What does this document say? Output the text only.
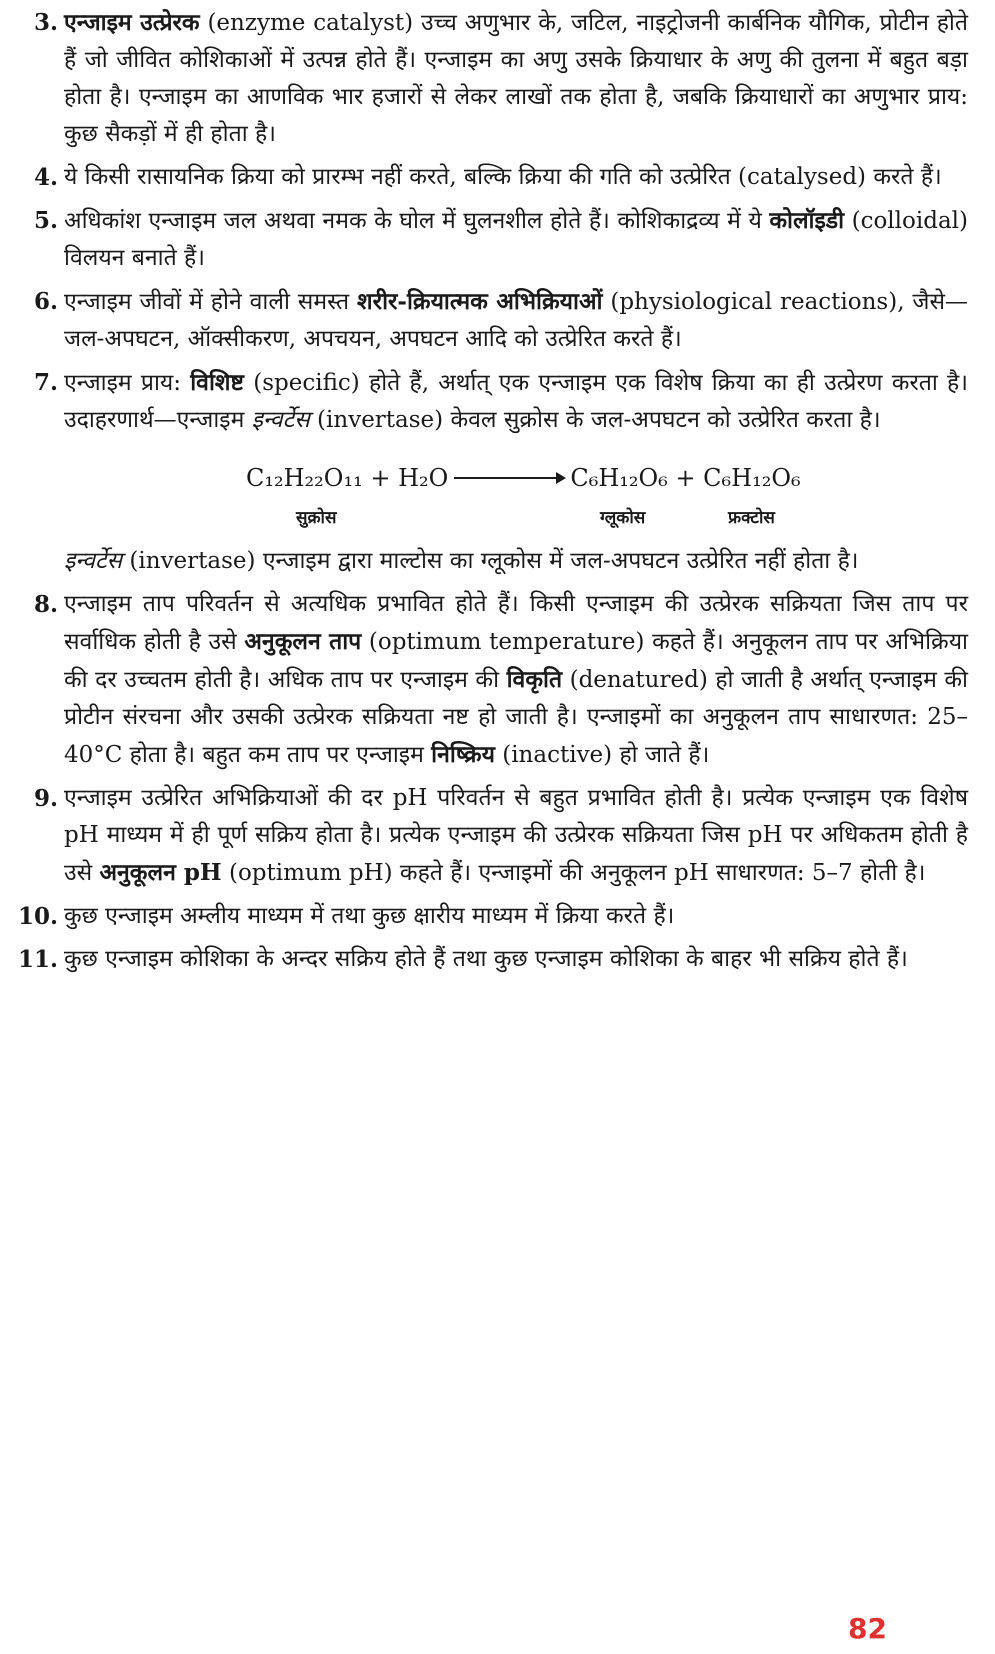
3. एन्जाइम उत्प्रेरक (enzyme catalyst) उच्च अणुभार के, जटिल, नाइट्रोजनी कार्बनिक यौगिक, प्रोटीन होते हैं जो जीवित कोशिकाओं में उत्पन्न होते हैं। एन्जाइम का अणु उसके क्रियाधार के अणु की तुलना में बहुत बड़ा होता है। एन्जाइम का आणविक भार हजारों से लेकर लाखों तक होता है, जबकि क्रियाधारों का अणुभार प्राय: कुछ सैकड़ों में ही होता है।
4. ये किसी रासायनिक क्रिया को प्रारम्भ नहीं करते, बल्कि क्रिया की गति को उत्प्रेरित (catalysed) करते हैं।
5. अधिकांश एन्जाइम जल अथवा नमक के घोल में घुलनशील होते हैं। कोशिकाद्रव्य में ये कोलॉइडी (colloidal) विलयन बनाते हैं।
6. एन्जाइम जीवों में होने वाली समस्त शरीर-क्रियात्मक अभिक्रियाओं (physiological reactions), जैसे—जल-अपघटन, ऑक्सीकरण, अपचयन, अपघटन आदि को उत्प्रेरित करते हैं।
7. एन्जाइम प्राय: विशिष्ट (specific) होते हैं, अर्थात् एक एन्जाइम एक विशेष क्रिया का ही उत्प्रेरण करता है। उदाहरणार्थ—एन्जाइम इन्वर्टेस (invertase) केवल सुक्रोस के जल-अपघटन को उत्प्रेरित करता है।
C₁₂H₂₂O₁₁
+
H₂O	C₆H₁₂O₆
+
C₆H₁₂O₆
सुक्रोस	ग्लूकोस	फ्रक्टोस
इन्वर्टेस (invertase) एन्जाइम द्वारा माल्टोस का ग्लूकोस में जल-अपघटन उत्प्रेरित नहीं होता है।
8. एन्जाइम ताप परिवर्तन से अत्यधिक प्रभावित होते हैं। किसी एन्जाइम की उत्प्रेरक सक्रियता जिस ताप पर सर्वाधिक होती है उसे अनुकूलन ताप (optimum temperature) कहते हैं। अनुकूलन ताप पर अभिक्रिया की दर उच्चतम होती है। अधिक ताप पर एन्जाइम की विकृति (denatured) हो जाती है अर्थात् एन्जाइम की प्रोटीन संरचना और उसकी उत्प्रेरक सक्रियता नष्ट हो जाती है। एन्जाइमों का अनुकूलन ताप साधारणत: 25–40°C होता है। बहुत कम ताप पर एन्जाइम निष्क्रिय (inactive) हो जाते हैं।
9. एन्जाइम उत्प्रेरित अभिक्रियाओं की दर pH परिवर्तन से बहुत प्रभावित होती है। प्रत्येक एन्जाइम एक विशेष pH माध्यम में ही पूर्ण सक्रिय होता है। प्रत्येक एन्जाइम की उत्प्रेरक सक्रियता जिस pH पर अधिकतम होती है उसे अनुकूलन pH (optimum pH) कहते हैं। एन्जाइमों की अनुकूलन pH साधारणत: 5–7 होती है।
10. कुछ एन्जाइम अम्लीय माध्यम में तथा कुछ क्षारीय माध्यम में क्रिया करते हैं।
11. कुछ एन्जाइम कोशिका के अन्दर सक्रिय होते हैं तथा कुछ एन्जाइम कोशिका के बाहर भी सक्रिय होते हैं।
82
